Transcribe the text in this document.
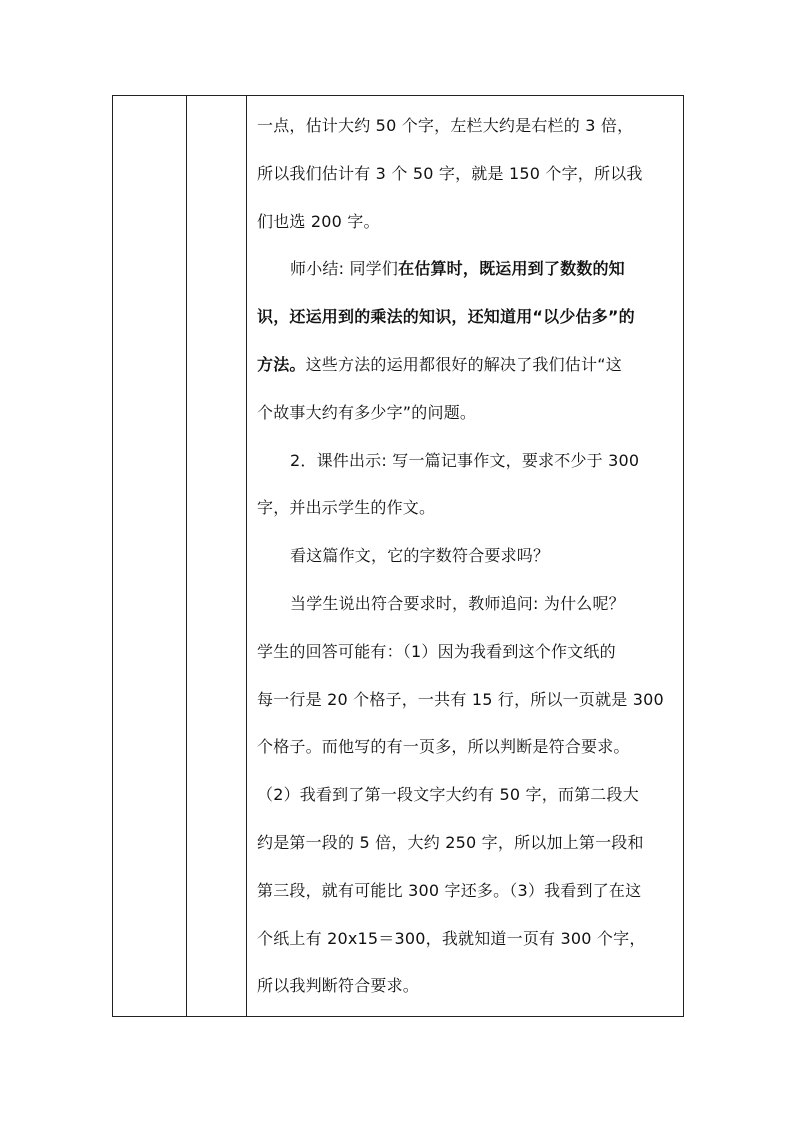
一点，估计大约 50 个字，左栏大约是右栏的 3 倍，
所以我们估计有 3 个 50 字，就是 150 个字，所以我
们也选 200 字。
师小结: 同学们在估算时，既运用到了数数的知
识，还运用到的乘法的知识，还知道用“以少估多”的
方法。这些方法的运用都很好的解决了我们估计“这
个故事大约有多少字”的问题。
2．课件出示: 写一篇记事作文，要求不少于 300
字，并出示学生的作文。
看这篇作文，它的字数符合要求吗？
当学生说出符合要求时，教师追问: 为什么呢？
学生的回答可能有：（1）因为我看到这个作文纸的
每一行是 20 个格子，一共有 15 行，所以一页就是 300
个格子。而他写的有一页多，所以判断是符合要求。
（2）我看到了第一段文字大约有 50 字，而第二段大
约是第一段的 5 倍，大约 250 字，所以加上第一段和
第三段，就有可能比 300 字还多。（3）我看到了在这
个纸上有 20x15＝300，我就知道一页有 300 个字，
所以我判断符合要求。
